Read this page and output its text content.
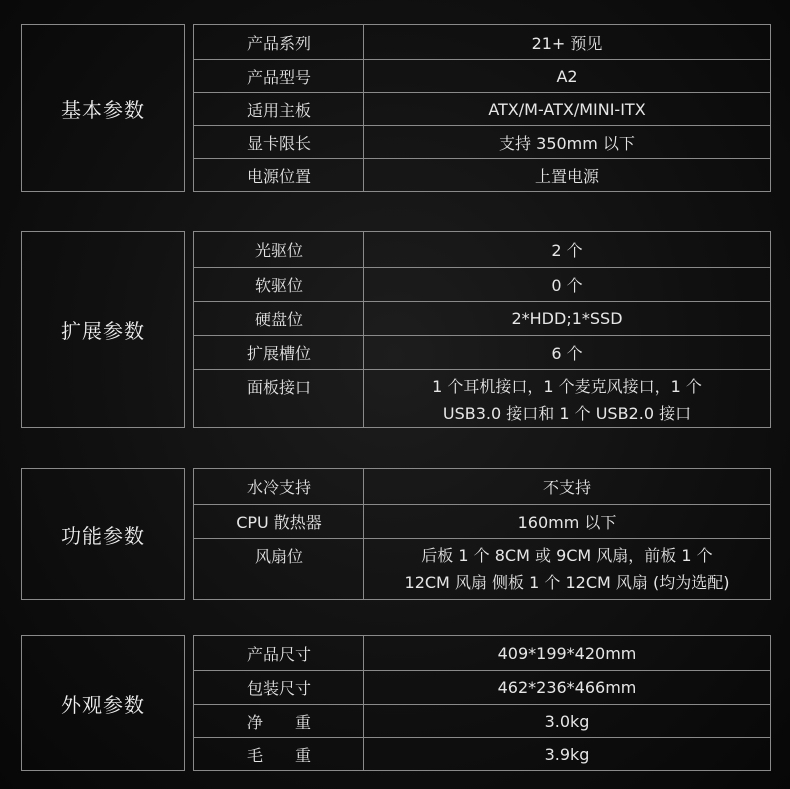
基本参数
产品系列	21+ 预见
产品型号	A2
适用主板	ATX/M-ATX/MINI-ITX
显卡限长	支持 350mm 以下
电源位置	上置电源
扩展参数
光驱位	2 个
软驱位	0 个
硬盘位	2*HDD;1*SSD
扩展槽位	6 个
面板接口	1 个耳机接口，1 个麦克风接口，1 个
USB3.0 接口和 1 个 USB2.0 接口
功能参数
水冷支持	不支持
CPU 散热器	160mm 以下
风扇位	后板 1 个 8CM 或 9CM 风扇，前板 1 个
12CM 风扇 侧板 1 个 12CM 风扇 (均为选配)
外观参数
产品尺寸	409*199*420mm
包装尺寸	462*236*466mm
净　　重	3.0kg
毛　　重	3.9kg
